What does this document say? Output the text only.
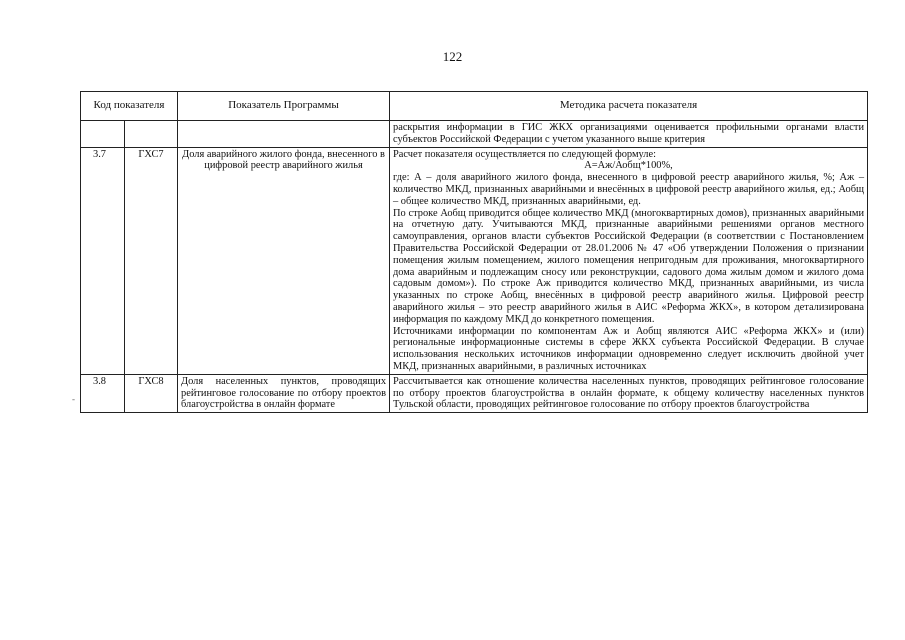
122
-
Код показателя		Показатель Программы	Методика расчета показателя
			раскрытия информации в ГИС ЖКХ организациями оценивается профильными органами власти субъектов Российской Федерации с учетом указанного выше критерия
3.7	ГХС7	Доля аварийного жилого фонда, внесенного в цифровой реестр аварийного жилья	Расчет показателя осуществляется по следующей формуле:

А=Аж/Аобщ*100%,

где: А – доля аварийного жилого фонда, внесенного в цифровой реестр аварийного жилья, %; Аж – количество МКД, признанных аварийными и внесённых в цифровой реестр аварийного жилья, ед.; Аобщ – общее количество МКД, признанных аварийными, ед.

По строке Аобщ приводится общее количество МКД (многоквартирных домов), признанных аварийными на отчетную дату. Учитываются МКД, признанные аварийными решениями органов местного самоуправления, органов власти субъектов Российской Федерации (в соответствии с Постановлением Правительства Российской Федерации от 28.01.2006 № 47 «Об утверждении Положения о признании помещения жилым помещением, жилого помещения непригодным для проживания, многоквартирного дома аварийным и подлежащим сносу или реконструкции, садового дома жилым домом и жилого дома садовым домом»). По строке Аж приводится количество МКД, признанных аварийными, из числа указанных по строке Аобщ, внесённых в цифровой реестр аварийного жилья. Цифровой реестр аварийного жилья – это реестр аварийного жилья в АИС «Реформа ЖКХ», в котором детализирована информация по каждому МКД до конкретного помещения.

Источниками информации по компонентам Аж и Аобщ являются АИС «Реформа ЖКХ» и (или) региональные информационные системы в сфере ЖКХ субъекта Российской Федерации. В случае использования нескольких источников информации одновременно следует исключить двойной учет МКД, признанных аварийными, в различных источниках

3.8	ГХС8	Доля населенных пунктов, проводящих рейтинговое голосование по отбору проектов благоустройства в онлайн формате	Рассчитывается как отношение количества населенных пунктов, проводящих рейтинговое голосование по отбору проектов благоустройства в онлайн формате, к общему количеству населенных пунктов Тульской области, проводящих рейтинговое голосование по отбору проектов благоустройства
